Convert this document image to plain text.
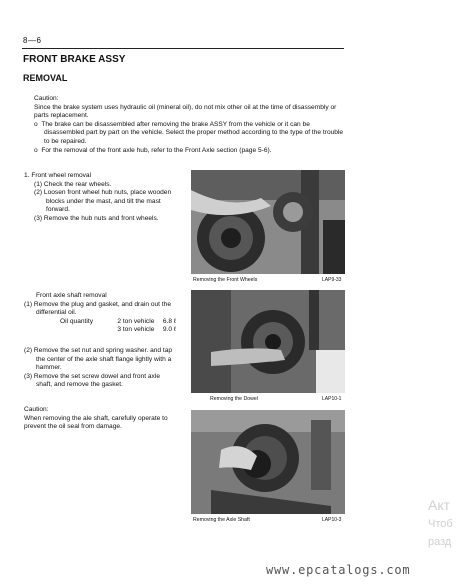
8—6
FRONT BRAKE ASSY
REMOVAL

Caution:

Since the brake system uses hydraulic oil (mineral oil), do not mix other oil at the time of disassembly or parts replacement.

o The brake can be disassembled after removing the brake ASSY from the vehicle or it can be disassembled part by part on the vehicle. Select the proper method according to the type of the trouble to be repaired.

o For the removal of the front axle hub, refer to the Front Axle section (page 5-6).

1. Front wheel removal

(1) Check the rear wheels.

(2) Loosen front wheel hub nuts, place wooden blocks under the mast, and tilt the mast forward.

(3) Remove the hub nuts and front wheels.

Front axle shaft removal

(1) Remove the plug and gasket, and drain out the differential oil.

Oil quantity	2 ton vehicle	6.8 ℓ
3 ton vehicle	9.0 ℓ

(2) Remove the set nut and spring washer. and tap the center of the axle shaft flange lightly with a hammer.

(3) Remove the set screw dowel and front axle shaft, and remove the gasket.

Caution:

When removing the ale shaft, carefully operate to prevent the oil seal from damage.

Removing the Front Wheels	LAP9-33
Removing the Dowel	LAP10-1
Removing the Axle Shaft	LAP10-3
Акт
Чтоб
разд
www.epcatalogs.com
